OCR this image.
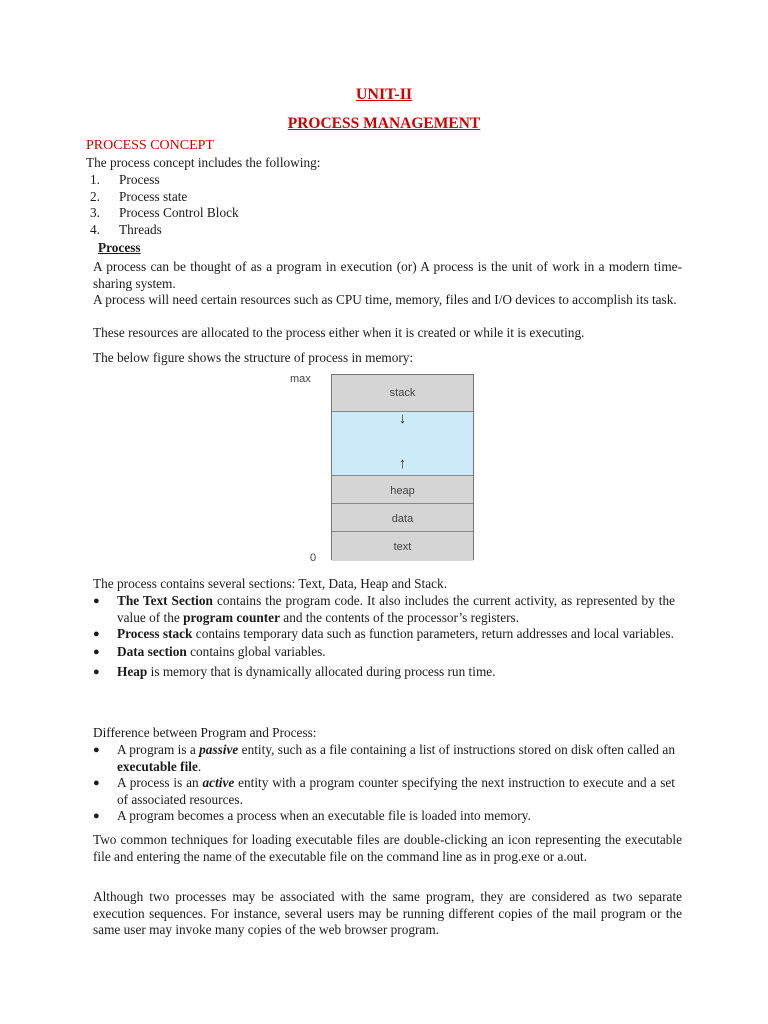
UNIT-II
PROCESS MANAGEMENT
PROCESS CONCEPT
The process concept includes the following:
1. Process
2. Process state
3. Process Control Block
4. Threads
Process
A process can be thought of as a program in execution (or) A process is the unit of work in a modern time-sharing system.
A process will need certain resources such as CPU time, memory, files and I/O devices to accomplish its task.
These resources are allocated to the process either when it is created or while it is executing.
The below figure shows the structure of process in memory:
max
0
stack
↓
↑
heap
data
text
The process contains several sections: Text, Data, Heap and Stack.
● The Text Section contains the program code. It also includes the current activity, as represented by the value of the program counter and the contents of the processor’s registers.
● Process stack contains temporary data such as function parameters, return addresses and local variables.
● Data section contains global variables.
● Heap is memory that is dynamically allocated during process run time.
Difference between Program and Process:
● A program is a passive entity, such as a file containing a list of instructions stored on disk often called an executable file.
● A process is an active entity with a program counter specifying the next instruction to execute and a set of associated resources.
● A program becomes a process when an executable file is loaded into memory.
Two common techniques for loading executable files are double-clicking an icon representing the executable file and entering the name of the executable file on the command line as in prog.exe or a.out.
Although two processes may be associated with the same program, they are considered as two separate execution sequences. For instance, several users may be running different copies of the mail program or the same user may invoke many copies of the web browser program.
